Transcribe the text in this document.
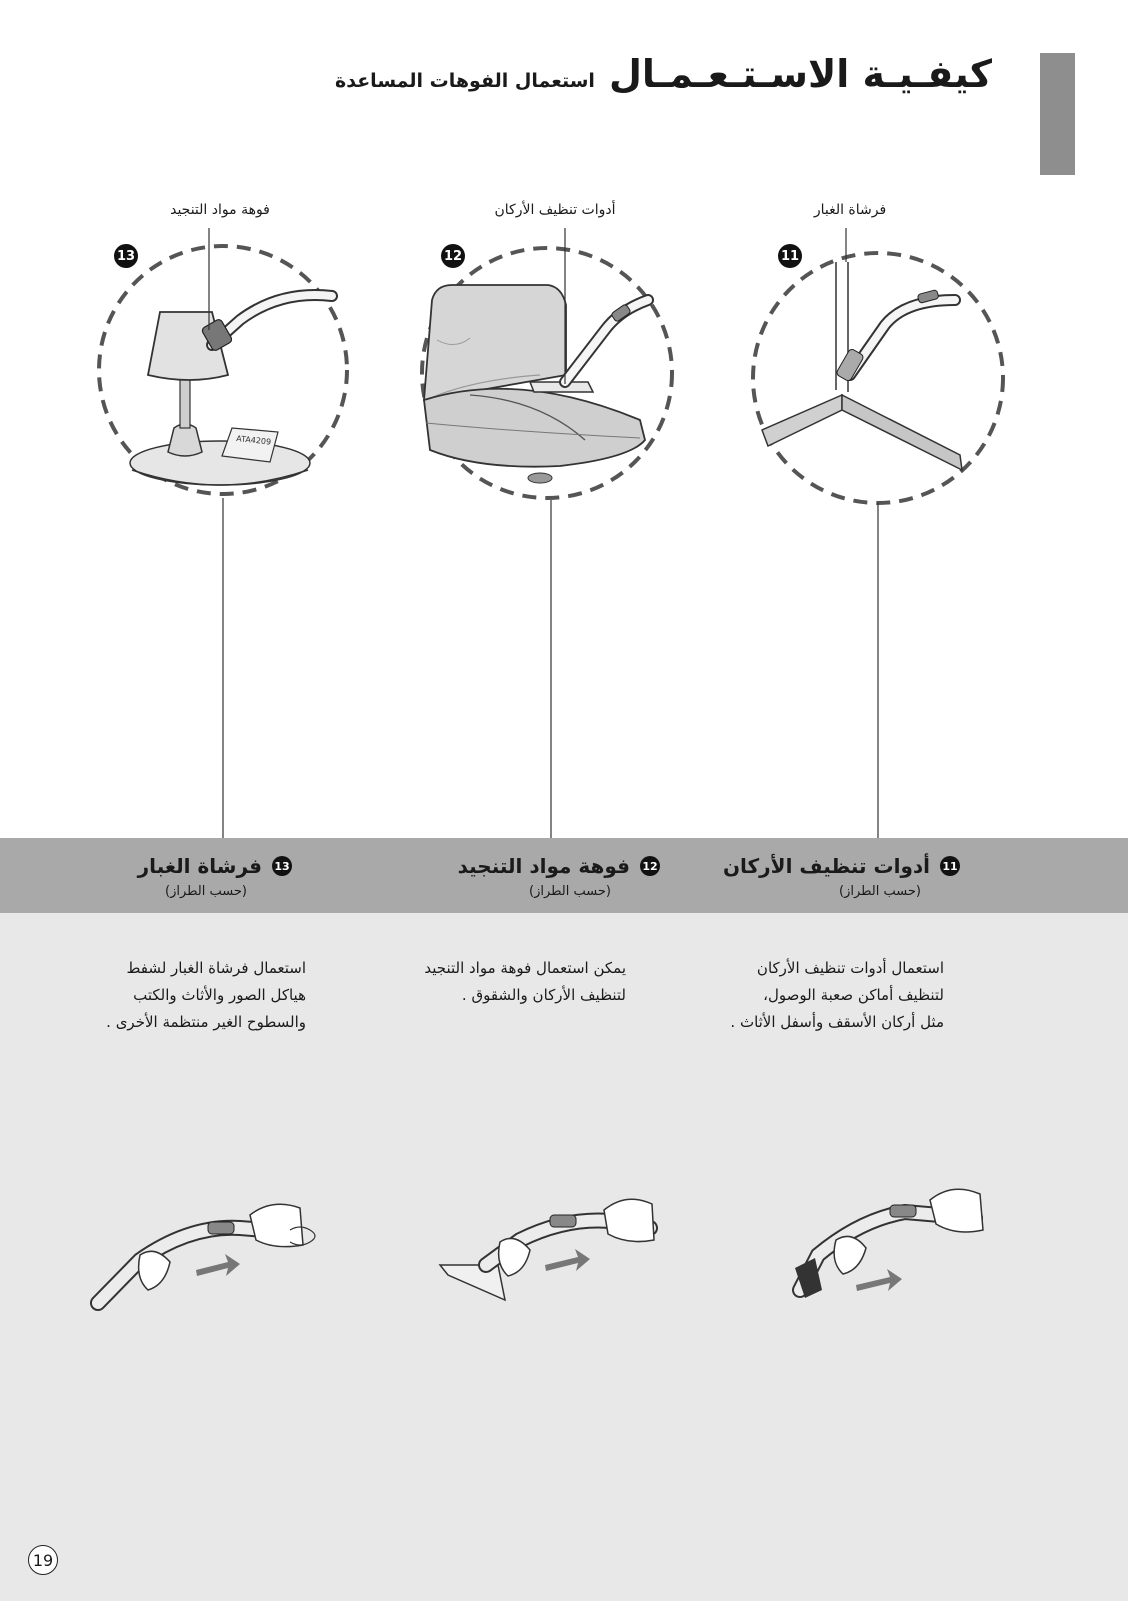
كيفـيـة الاسـتـعـمـال
استعمال الفوهات المساعدة
فوهة مواد التنجيد	أدوات تنظيف الأركان	فرشاة الغبار
13	12	11
ATA4209
11
أدوات تنظيف الأركان
(حسب الطراز)
12
فوهة مواد التنجيد
(حسب الطراز)
13
فرشاة الغبار
(حسب الطراز)
استعمال أدوات تنظيف الأركان
لتنظيف أماكن صعبة الوصول،
مثل أركان الأسقف وأسفل الأثاث .
يمكن استعمال فوهة مواد التنجيد
لتنظيف الأركان والشقوق .
استعمال فرشاة الغبار لشفط
هياكل الصور والأثاث والكتب
والسطوح الغير منتظمة الأخرى .
19
